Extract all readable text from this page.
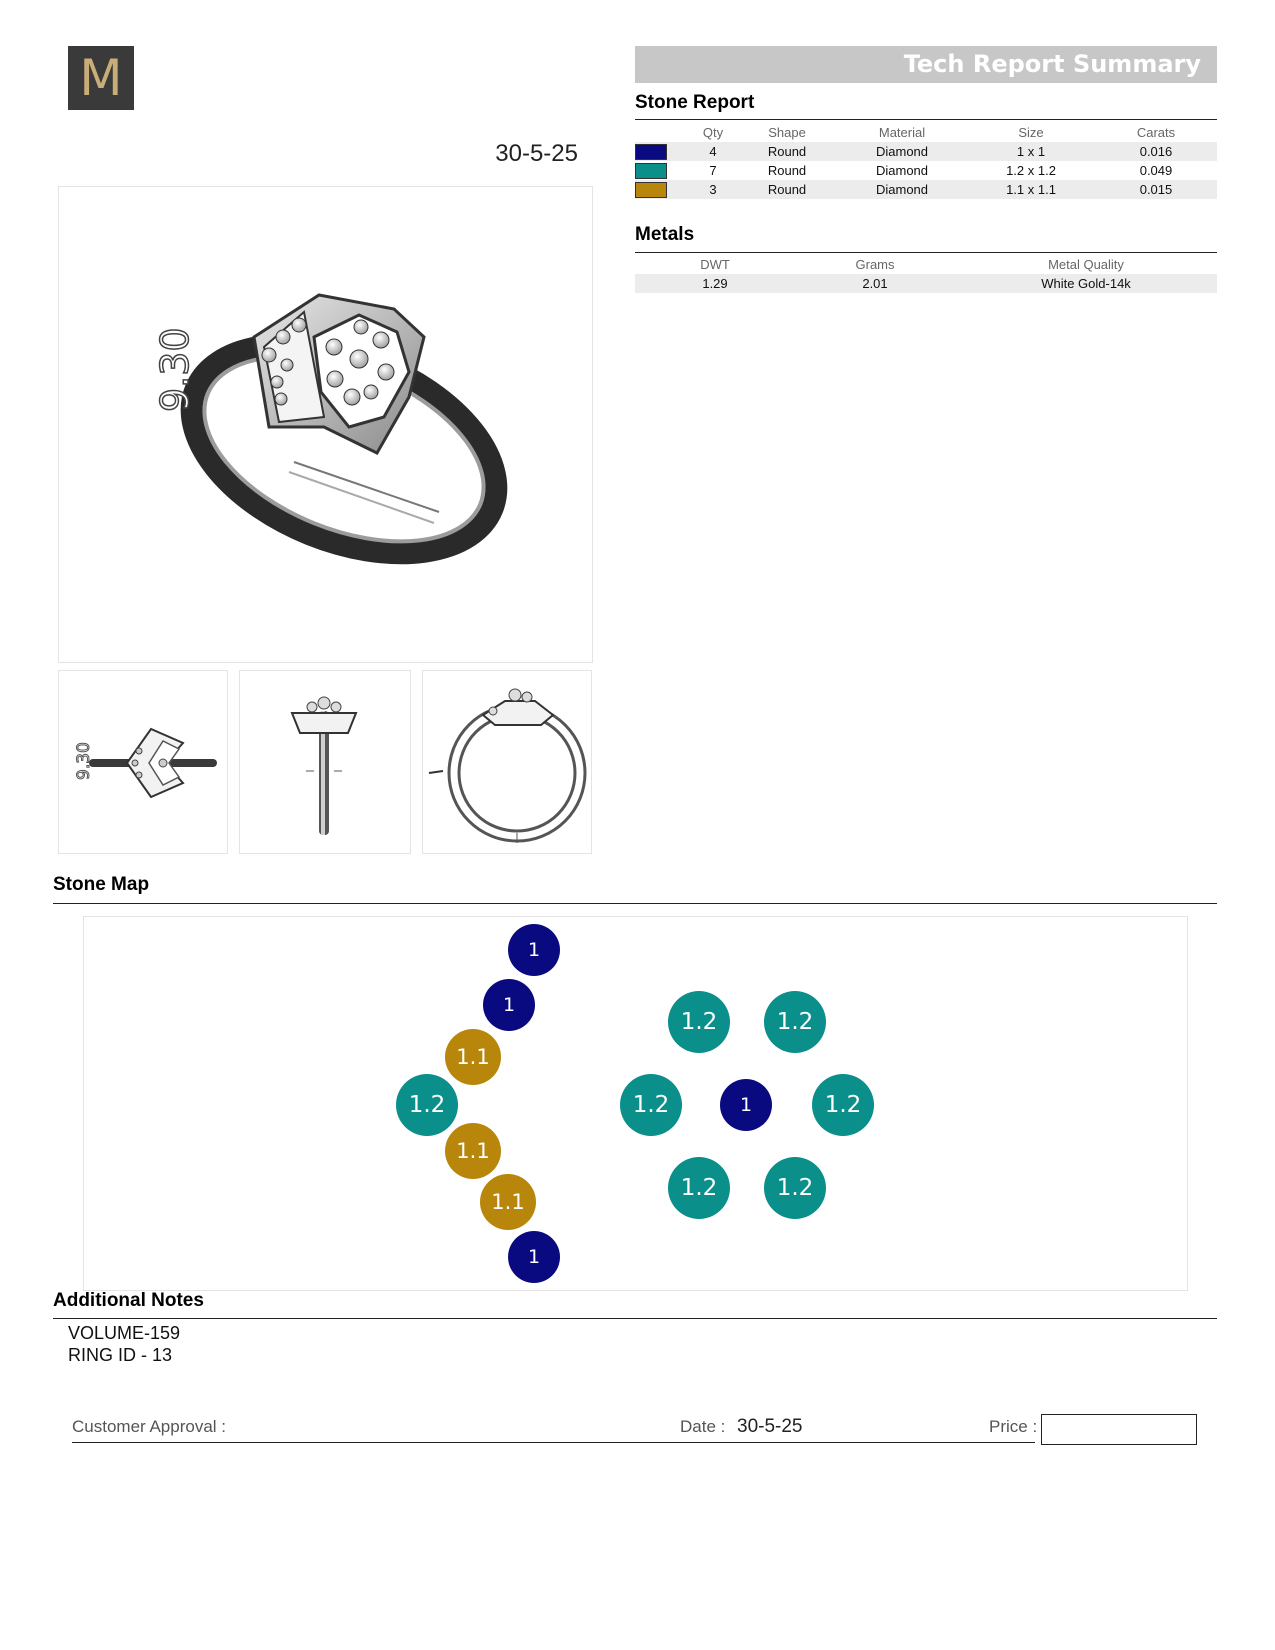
M
30-5-25
Tech Report Summary
Stone Report
	Qty	Shape	Material	Size	Carats
	4	Round	Diamond	1 x 1	0.016
	7	Round	Diamond	1.2 x 1.2	0.049
	3	Round	Diamond	1.1 x 1.1	0.015
Metals
DWT	Grams	Metal Quality
1.29	2.01	White Gold-14k
9.30
9.30
Stone Map
1
1
1.1
1.2
1.1
1.1
1
1.2	1.2
1.2	1	1.2
1.2	1.2
Additional Notes
VOLUME-159
RING ID - 13
Customer Approval :	Date : 30-5-25	Price :
